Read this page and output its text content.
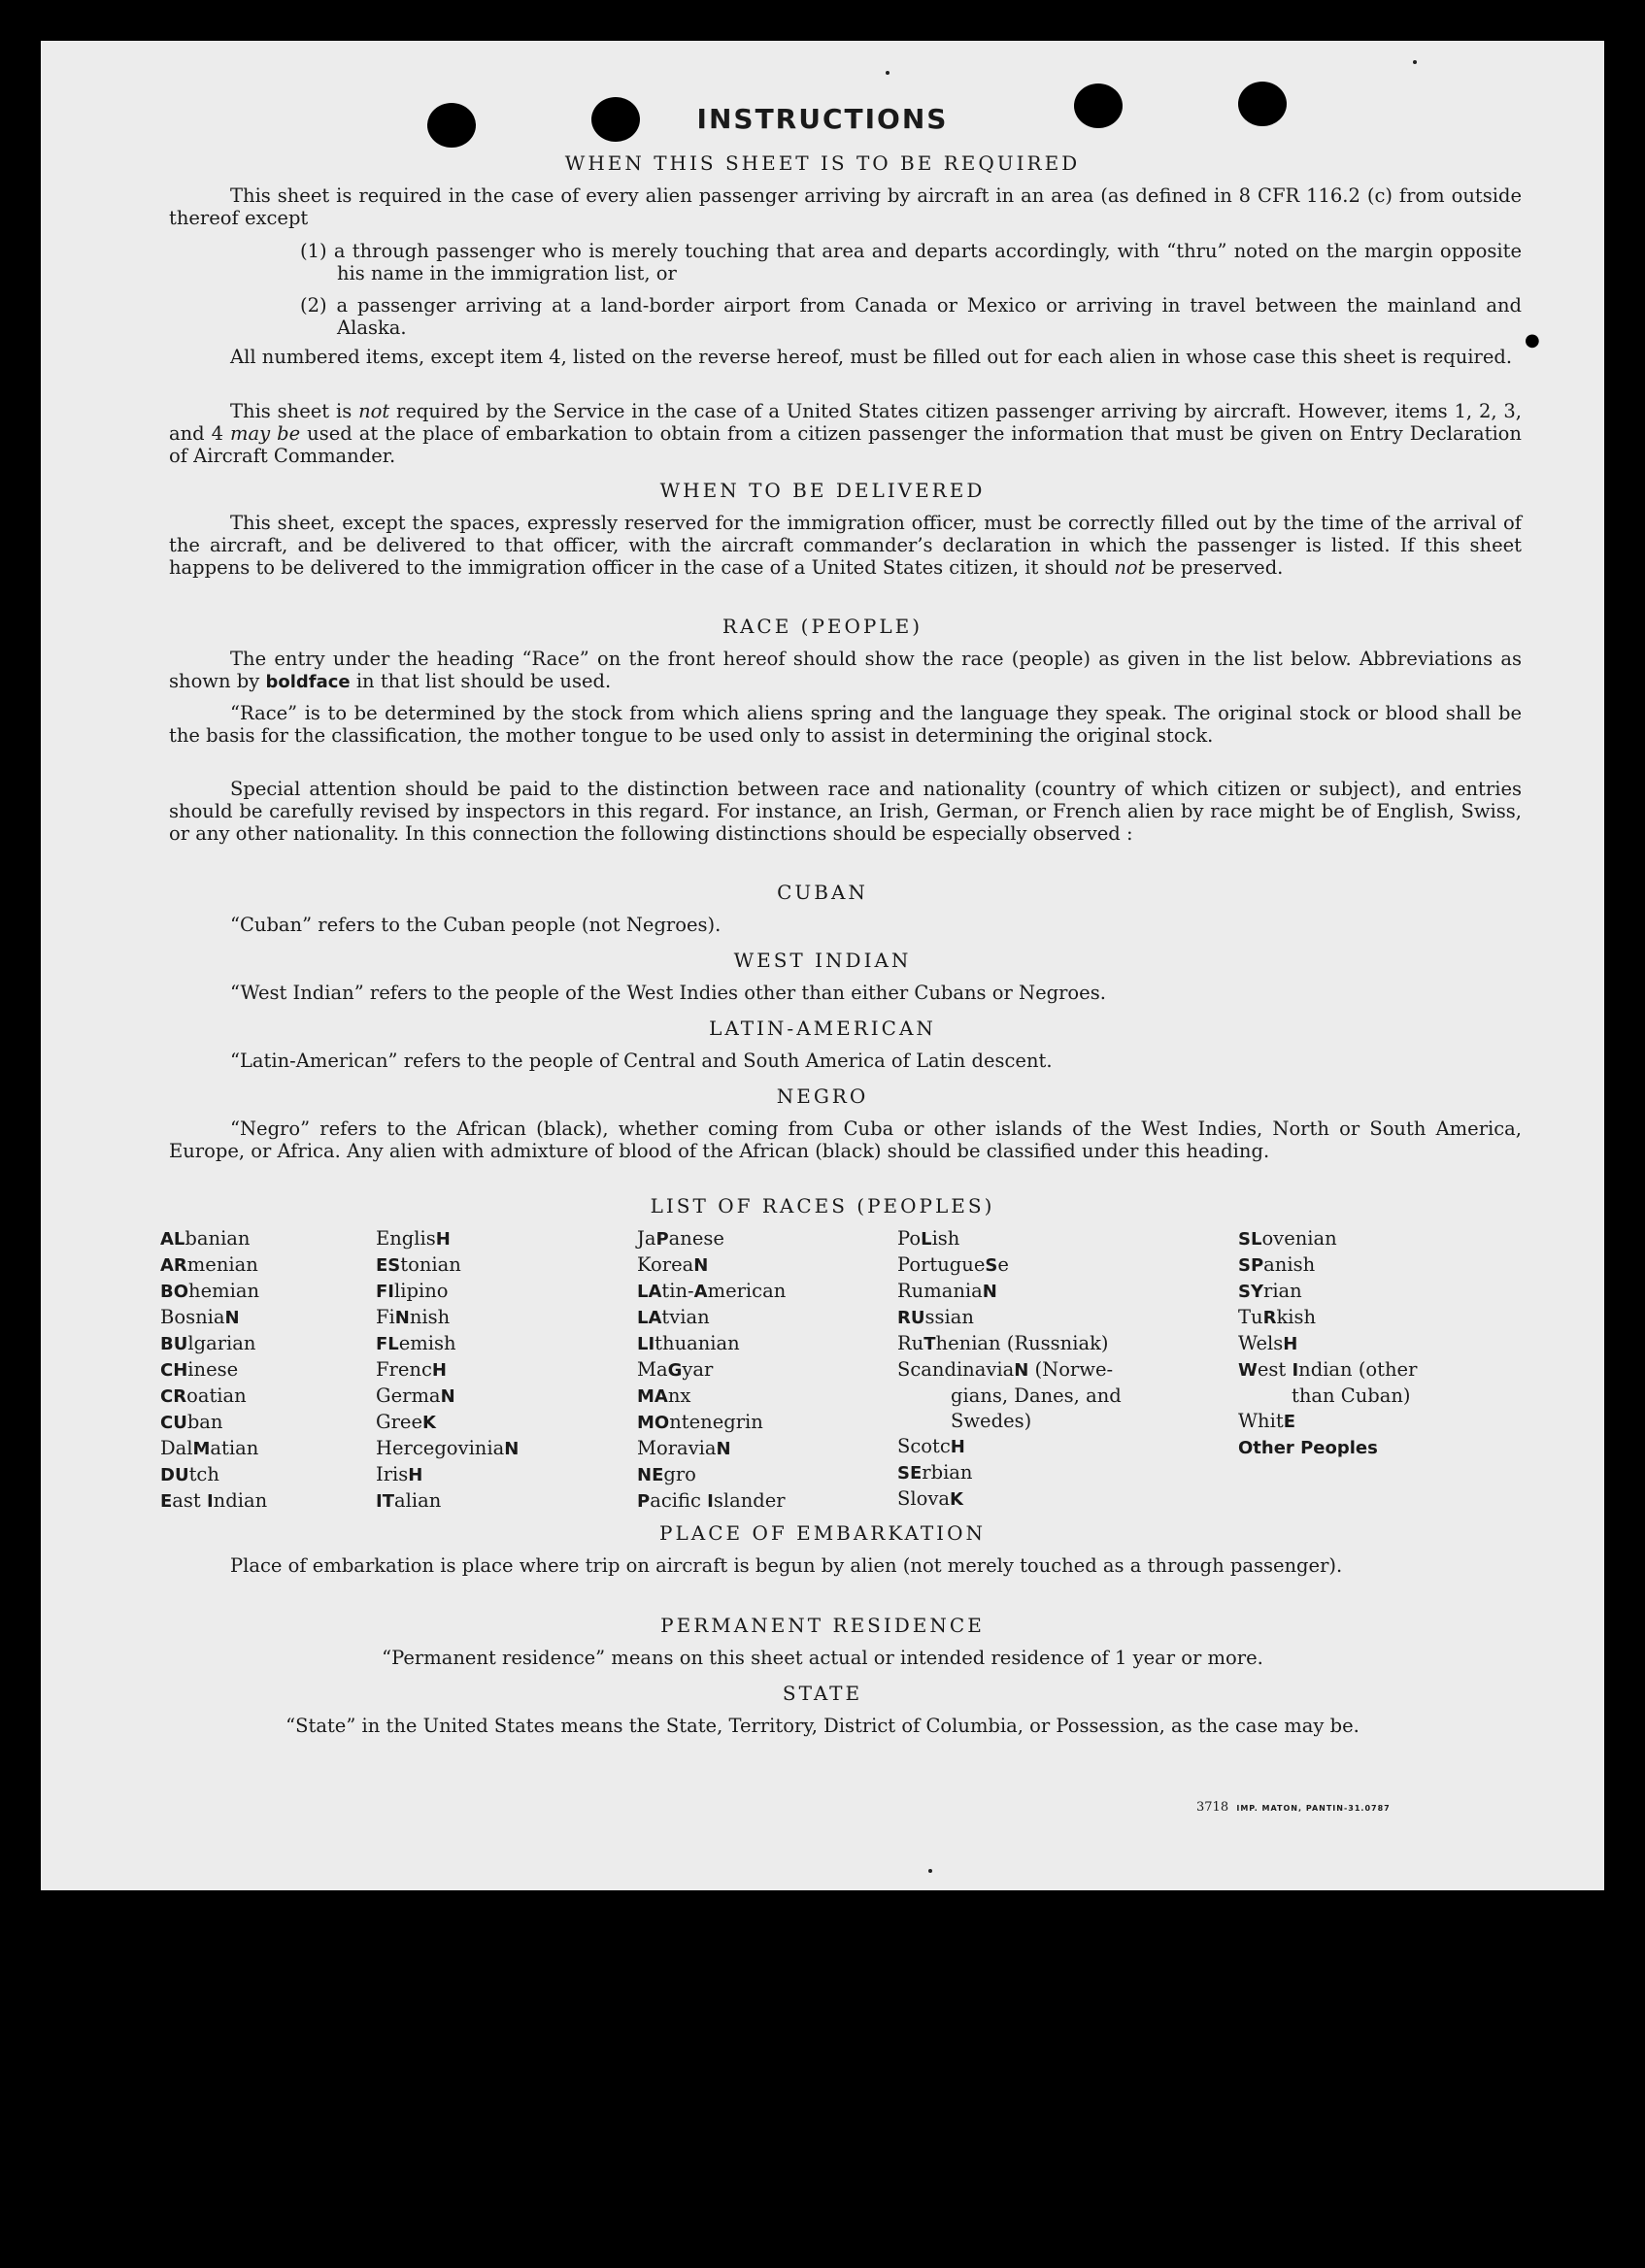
INSTRUCTIONS
WHEN THIS SHEET IS TO BE REQUIRED
This sheet is required in the case of every alien passenger arriving by aircraft in an area (as defined in 8 CFR 116.2 (c) from outside thereof except
(1) a through passenger who is merely touching that area and departs accordingly, with “thru” noted on the margin opposite his name in the immigration list, or
(2) a passenger arriving at a land-border airport from Canada or Mexico or arriving in travel between the mainland and Alaska.
All numbered items, except item 4, listed on the reverse hereof, must be filled out for each alien in whose case this sheet is required.
This sheet is not required by the Service in the case of a United States citizen passenger arriving by aircraft. However, items 1, 2, 3, and 4 may be used at the place of embarkation to obtain from a citizen passenger the information that must be given on Entry Declaration of Aircraft Commander.
WHEN TO BE DELIVERED
This sheet, except the spaces, expressly reserved for the immigration officer, must be correctly filled out by the time of the arrival of the aircraft, and be delivered to that officer, with the aircraft commander’s declaration in which the passenger is listed. If this sheet happens to be delivered to the immigration officer in the case of a United States citizen, it should not be preserved.
RACE (PEOPLE)
The entry under the heading “Race” on the front hereof should show the race (people) as given in the list below. Abbreviations as shown by boldface in that list should be used.
“Race” is to be determined by the stock from which aliens spring and the language they speak. The original stock or blood shall be the basis for the classification, the mother tongue to be used only to assist in determining the original stock.
Special attention should be paid to the distinction between race and nationality (country of which citizen or subject), and entries should be carefully revised by inspectors in this regard. For instance, an Irish, German, or French alien by race might be of English, Swiss, or any other nationality. In this connection the following distinctions should be especially observed :
CUBAN
“Cuban” refers to the Cuban people (not Negroes).
WEST INDIAN
“West Indian” refers to the people of the West Indies other than either Cubans or Negroes.
LATIN-AMERICAN
“Latin-American” refers to the people of Central and South America of Latin descent.
NEGRO
“Negro” refers to the African (black), whether coming from Cuba or other islands of the West Indies, North or South America, Europe, or Africa. Any alien with admixture of blood of the African (black) should be classified under this heading.
LIST OF RACES (PEOPLES)
ALbanian
ARmenian
BOhemian
BosniaN
BUlgarian
CHinese
CRoatian
CUban
DalMatian
DUtch
East Indian
EnglisH
EStonian
FIlipino
FiNnish
FLemish
FrencH
GermaN
GreeK
HercegoviniaN
IrisH
ITalian
JaPanese
KoreaN
LAtin-American
LAtvian
LIthuanian
MaGyar
MAnx
MOntenegrin
MoraviaN
NEgro
Pacific Islander
PoLish
PortugueSe
RumaniaN
RUssian
RuThenian (Russniak)
ScandinaviaN (Norwe-
gians, Danes, and
Swedes)
ScotcH
SErbian
SlovaK
SLovenian
SPanish
SYrian
TuRkish
WelsH
West Indian (other
than Cuban)
WhitE
Other Peoples
PLACE OF EMBARKATION
Place of embarkation is place where trip on aircraft is begun by alien (not merely touched as a through passenger).
PERMANENT RESIDENCE
“Permanent residence” means on this sheet actual or intended residence of 1 year or more.
STATE
“State” in the United States means the State, Territory, District of Columbia, or Possession, as the case may be.
3718 IMP. MATON, PANTIN-31.0787
●
